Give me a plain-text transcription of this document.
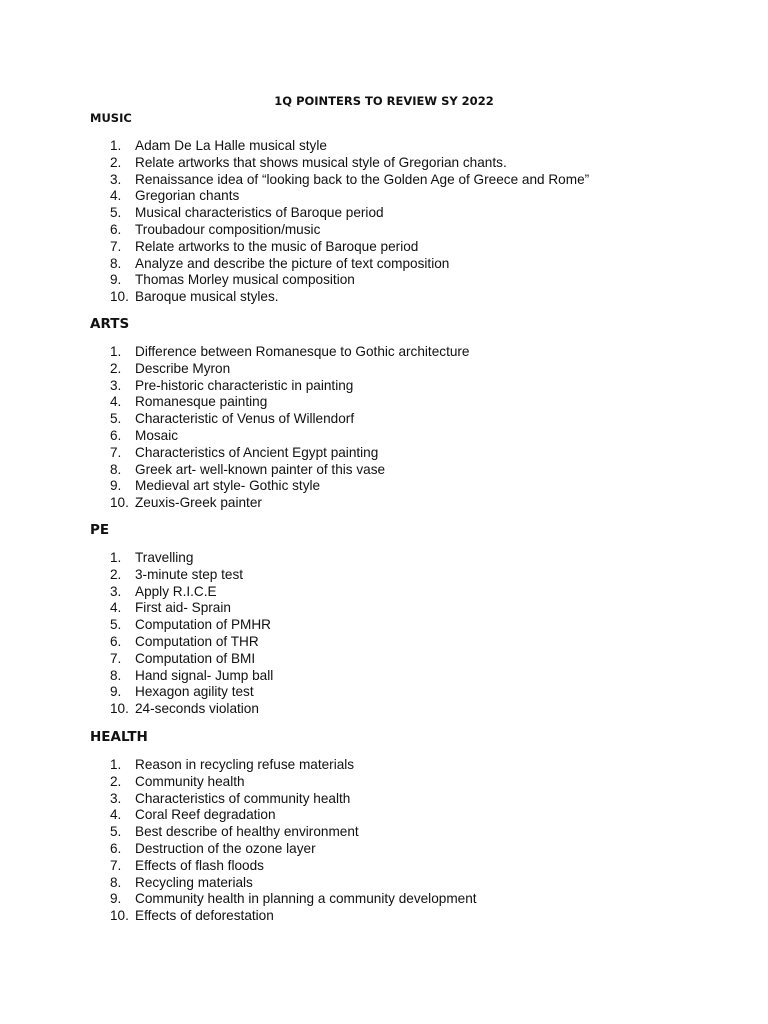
1Q POINTERS TO REVIEW SY 2022
MUSIC
1.	Adam De La Halle musical style
2.	Relate artworks that shows musical style of Gregorian chants.
3.	Renaissance idea of “looking back to the Golden Age of Greece and Rome”
4.	Gregorian chants
5.	Musical characteristics of Baroque period
6.	Troubadour composition/music
7.	Relate artworks to the music of Baroque period
8.	Analyze and describe the picture of text composition
9.	Thomas Morley musical composition
10. Baroque musical styles.
ARTS
1.	Difference between Romanesque to Gothic architecture
2.	Describe Myron
3.	Pre-historic characteristic in painting
4.	Romanesque painting
5.	Characteristic of Venus of Willendorf
6.	Mosaic
7.	Characteristics of Ancient Egypt painting
8.	Greek art- well-known painter of this vase
9.	Medieval art style- Gothic style
10. Zeuxis-Greek painter
PE
1.	Travelling
2.	3-minute step test
3.	Apply R.I.C.E
4.	First aid- Sprain
5.	Computation of PMHR
6.	Computation of THR
7.	Computation of BMI
8.	Hand signal- Jump ball
9.	Hexagon agility test
10. 24-seconds violation
HEALTH
1.	Reason in recycling refuse materials
2.	Community health
3.	Characteristics of community health
4.	Coral Reef degradation
5.	Best describe of healthy environment
6.	Destruction of the ozone layer
7.	Effects of flash floods
8.	Recycling materials
9.	Community health in planning a community development
10. Effects of deforestation
